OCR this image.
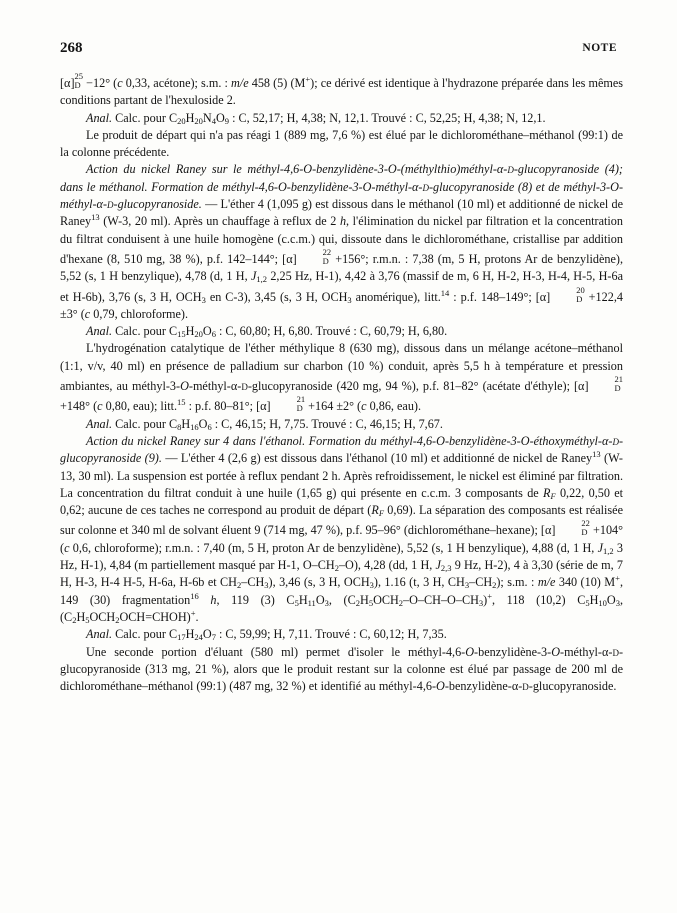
268	NOTE

[α] 25
D −12° (c 0,33, acétone); s.m. : m/e 458 (5) (M+); ce dérivé est identique à l'hydrazone préparée dans les mêmes conditions partant de l'hexuloside 2.

Anal. Calc. pour $C_{20}H_{20}N_4O_9$ : C, 52,17; H, 4,38; N, 12,1. Trouvé : C, 52,25; H, 4,38; N, 12,1.

Le produit de départ qui n'a pas réagi 1 (889 mg, 7,6 %) est élué par le dichlorométhane–méthanol (99:1) de la colonne précédente.

Action du nickel Raney sur le méthyl-4,6-O-benzylidène-3-O-(méthylthio)méthyl-α-d-glucopyranoside (4); dans le méthanol. Formation de méthyl-4,6-O-benzylidène-3-O-méthyl-α-d-glucopyranoside (8) et de méthyl-3-O-méthyl-α-d-glucopyranoside. — L'éther 4 (1,095 g) est dissous dans le méthanol (10 ml) et additionné de nickel de Raney$^{13}$ (W-3, 20 ml). Après un chauffage à reflux de 2 h, l'élimination du nickel par filtration et la concentration du filtrat conduisent à une huile homogène (c.c.m.) qui, dissoute dans le dichlorométhane, cristallise par addition d'hexane (8, 510 mg, 38 %), p.f. 142–144°; [α]	22
D +156°; r.m.n. : 7,38 (m, 5 H, protons Ar de benzylidène), 5,52 (s, 1 H benzylique), 4,78 (d, 1 H, $J_{1,2}$ 2,25 Hz, H-1), 4,42 à 3,76 (massif de m, 6 H, H-2, H-3, H-4, H-5, H-6a et H-6b), 3,76 (s, 3 H, $OCH_3$ en C-3), 3,45 (s, 3 H, $OCH_3$ anomérique), litt.$^{14}$ : p.f. 148–149°; [α]	20
D +122,4 ±3° (c 0,79, chloroforme).

Anal. Calc. pour $C_{15}H_{20}O_6$ : C, 60,80; H, 6,80. Trouvé : C, 60,79; H, 6,80.

L'hydrogénation catalytique de l'éther méthylique 8 (630 mg), dissous dans un mélange acétone–méthanol (1:1, v/v, 40 ml) en présence de palladium sur charbon (10 %) conduit, après 5,5 h à température et pression ambiantes, au méthyl-3-O-méthyl-α-d-glucopyranoside (420 mg, 94 %), p.f. 81–82° (acétate d'éthyle); [α]	21
D
+148° (c 0,80, eau); litt.$^{15}$ : p.f. 80–81°; [α]	21
D +164 ±2° (c 0,86, eau).

Anal. Calc. pour $C_8H_{16}O_6$ : C, 46,15; H, 7,75. Trouvé : C, 46,15; H, 7,67.

Action du nickel Raney sur 4 dans l'éthanol. Formation du méthyl-4,6-O-benzylidène-3-O-éthoxyméthyl-α-d-glucopyranoside (9). — L'éther 4 (2,6 g) est dissous dans l'éthanol (10 ml) et additionné de nickel de Raney$^{13}$ (W-13, 30 ml). La suspension est portée à reflux pendant 2 h. Après refroidissement, le nickel est éliminé par filtration. La concentration du filtrat conduit à une huile (1,65 g) qui présente en c.c.m. 3 composants de $R_F$ 0,22, 0,50 et 0,62; aucune de ces taches ne correspond au produit de départ ($R_F$ 0,69). La séparation des composants est réalisée sur colonne et 340 ml de solvant éluent 9 (714 mg, 47 %), p.f. 95–96° (dichlorométhane–hexane); [α]	22
D +104° (c 0,6, chloroforme); r.m.n. : 7,40 (m, 5 H, proton Ar de benzylidène), 5,52 (s, 1 H benzylique), 4,88 (d, 1 H, $J_{1,2}$ 3 Hz, H-1), 4,84 (m partiellement masqué par H-1, $O-CH_2-O$), 4,28 (dd, 1 H, $J_{2,3}$ 9 Hz, H-2), 4 à 3,30 (série de m, 7 H, H-3, H-4 H-5, H-6a, H-6b et $CH_2-CH_3$), 3,46 (s, 3 H, $OCH_3$), 1.16 (t, 3 H, $CH_3-CH_2$); s.m. : m/e 340 (10) M+, 149 (30) fragmentation$^{16}$ h, 119 (3) $C_5H_{11}O_3$, $(C_2H_5OCH_2-O-CH-O-CH_3)^+$, 118 (10,2) $C_5H_{10}O_3$, $(C_2H_5OCH_2OCH=CHOH)^+$.

Anal. Calc. pour $C_{17}H_{24}O_7$ : C, 59,99; H, 7,11. Trouvé : C, 60,12; H, 7,35.

Une seconde portion d'éluant (580 ml) permet d'isoler le méthyl-4,6-O-benzylidène-3-O-méthyl-α-d-glucopyranoside (313 mg, 21 %), alors que le produit restant sur la colonne est élué par passage de 200 ml de dichlorométhane–méthanol (99:1) (487 mg, 32 %) et identifié au méthyl-4,6-O-benzylidène-α-d-glucopyranoside.
